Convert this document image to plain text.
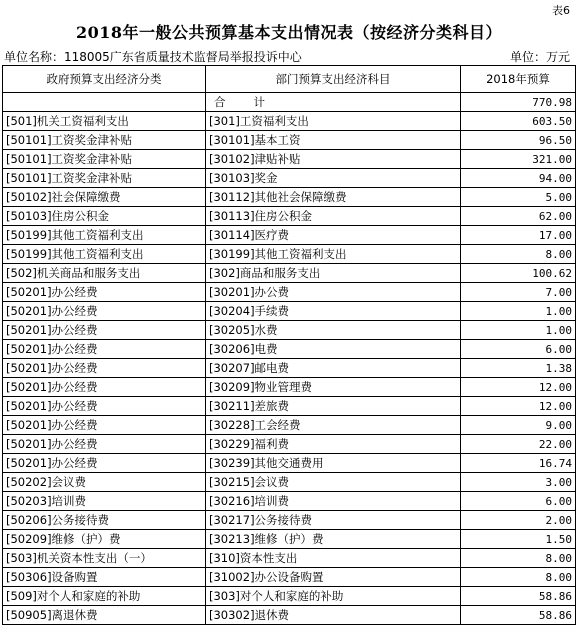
表6
2018年一般公共预算基本支出情况表（按经济分类科目）
单位名称：118005广东省质量技术监督局举报投诉中心	单位：万元
政府预算支出经济分类	部门预算支出经济科目	2018年预算
	合计	770.98
[501]机关工资福利支出	[301]工资福利支出	603.50
[50101]工资奖金津补贴	[30101]基本工资	96.50
[50101]工资奖金津补贴	[30102]津贴补贴	321.00
[50101]工资奖金津补贴	[30103]奖金	94.00
[50102]社会保障缴费	[30112]其他社会保障缴费	5.00
[50103]住房公积金	[30113]住房公积金	62.00
[50199]其他工资福利支出	[30114]医疗费	17.00
[50199]其他工资福利支出	[30199]其他工资福利支出	8.00
[502]机关商品和服务支出	[302]商品和服务支出	100.62
[50201]办公经费	[30201]办公费	7.00
[50201]办公经费	[30204]手续费	1.00
[50201]办公经费	[30205]水费	1.00
[50201]办公经费	[30206]电费	6.00
[50201]办公经费	[30207]邮电费	1.38
[50201]办公经费	[30209]物业管理费	12.00
[50201]办公经费	[30211]差旅费	12.00
[50201]办公经费	[30228]工会经费	9.00
[50201]办公经费	[30229]福利费	22.00
[50201]办公经费	[30239]其他交通费用	16.74
[50202]会议费	[30215]会议费	3.00
[50203]培训费	[30216]培训费	6.00
[50206]公务接待费	[30217]公务接待费	2.00
[50209]维修（护）费	[30213]维修（护）费	1.50
[503]机关资本性支出（一）	[310]资本性支出	8.00
[50306]设备购置	[31002]办公设备购置	8.00
[509]对个人和家庭的补助	[303]对个人和家庭的补助	58.86
[50905]离退休费	[30302]退休费	58.86
